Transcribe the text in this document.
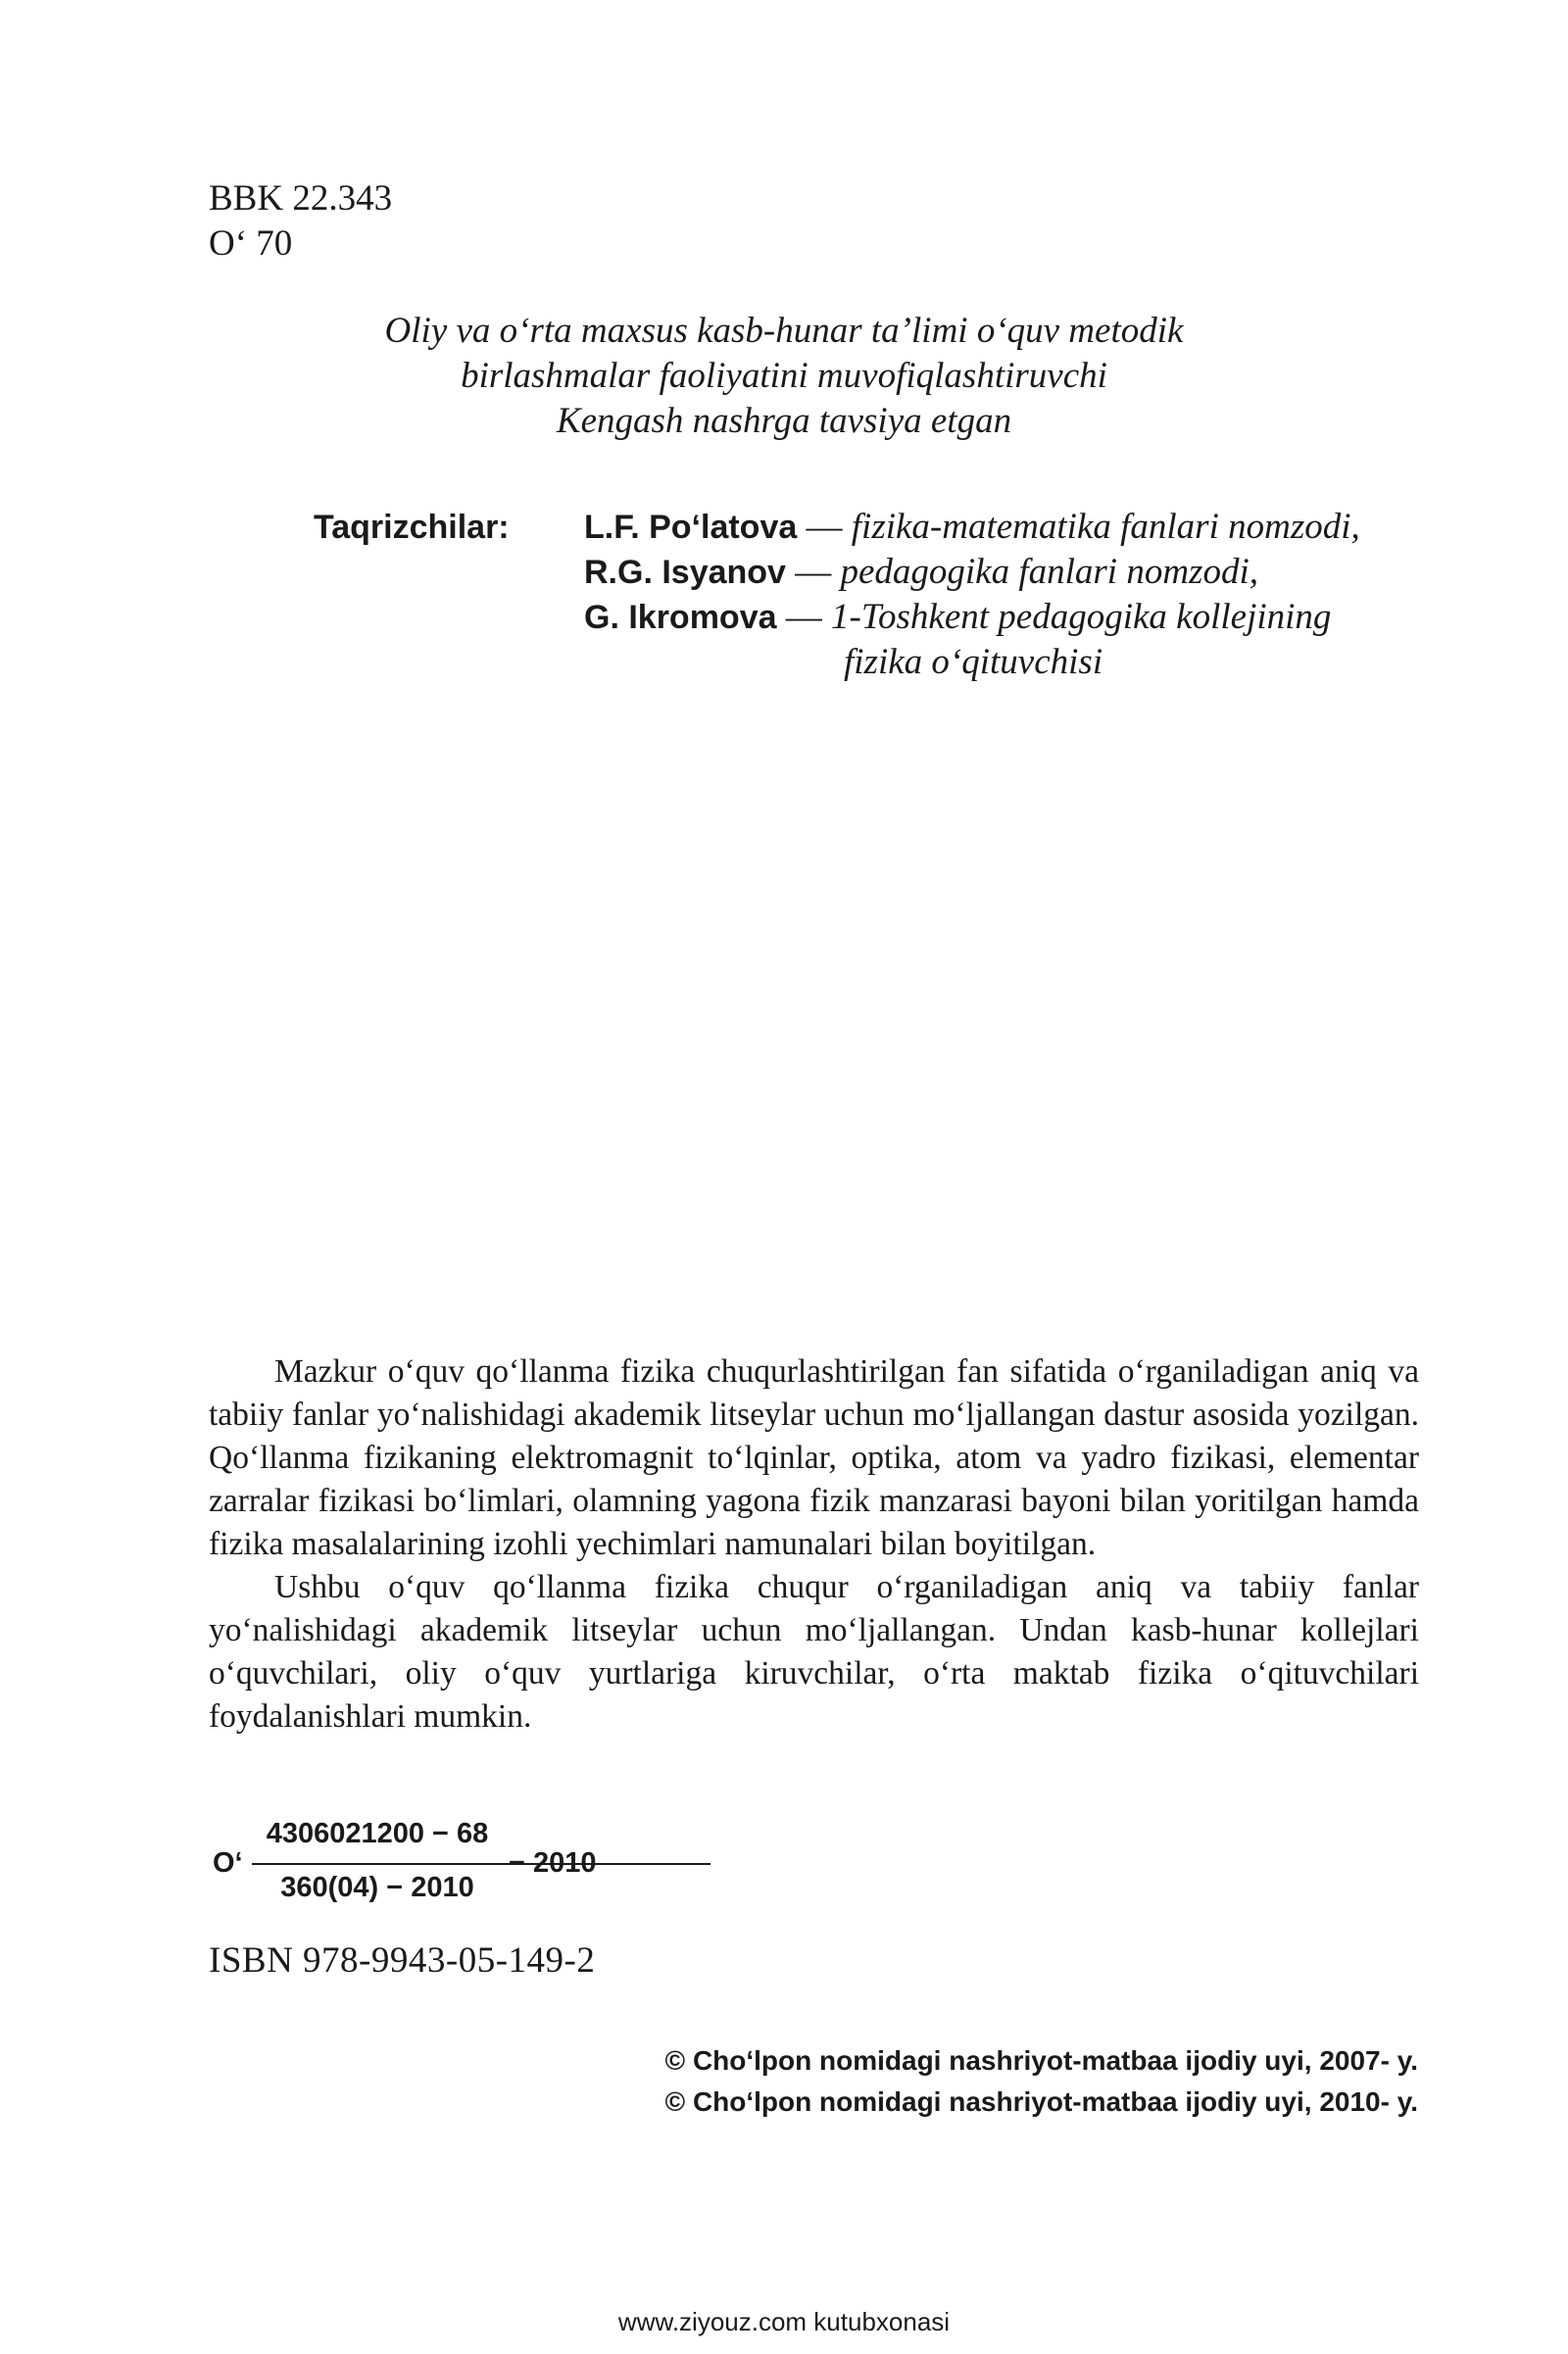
BBK 22.343
O‘ 70
Oliy va o‘rta maxsus kasb-hunar ta’limi o‘quv metodik
birlashmalar faoliyatini muvofiqlashtiruvchi
Kengash nashrga tavsiya etgan
Taqrizchilar: L.F. Po‘latova — fizika-matematika fanlari nomzodi,
R.G. Isyanov — pedagogika fanlari nomzodi,
G. Ikromova — 1-Toshkent pedagogika kollejining
fizika o‘qituvchisi

Mazkur o‘quv qo‘llanma fizika chuqurlashtirilgan fan sifatida o‘rganiladigan aniq va tabiiy fanlar yo‘nalishidagi akademik litseylar uchun mo‘ljallangan dastur asosida yozilgan. Qo‘llanma fizikaning elektromagnit to‘lqinlar, optika, atom va yadro fizikasi, elementar zarralar fizikasi bo‘limlari, olamning yagona fizik manzarasi bayoni bilan yoritilgan hamda fizika masalalarining izohli yechimlari namunalari bilan boyitilgan.

Ushbu o‘quv qo‘llanma fizika chuqur o‘rganiladigan aniq va tabiiy fanlar yo‘nalishidagi akademik litseylar uchun mo‘ljallangan. Undan kasb-hunar kollejlari o‘quvchilari, oliy o‘quv yurtlariga kiruvchilar, o‘rta maktab fizika o‘qituvchilari foydalanishlari mumkin.

O‘
4306021200 − 68
360(04) − 2010
− 2010
ISBN 978-9943-05-149-2
© Cho‘lpon nomidagi nashriyot-matbaa ijodiy uyi, 2007- y.
© Cho‘lpon nomidagi nashriyot-matbaa ijodiy uyi, 2010- y.
www.ziyouz.com kutubxonasi
